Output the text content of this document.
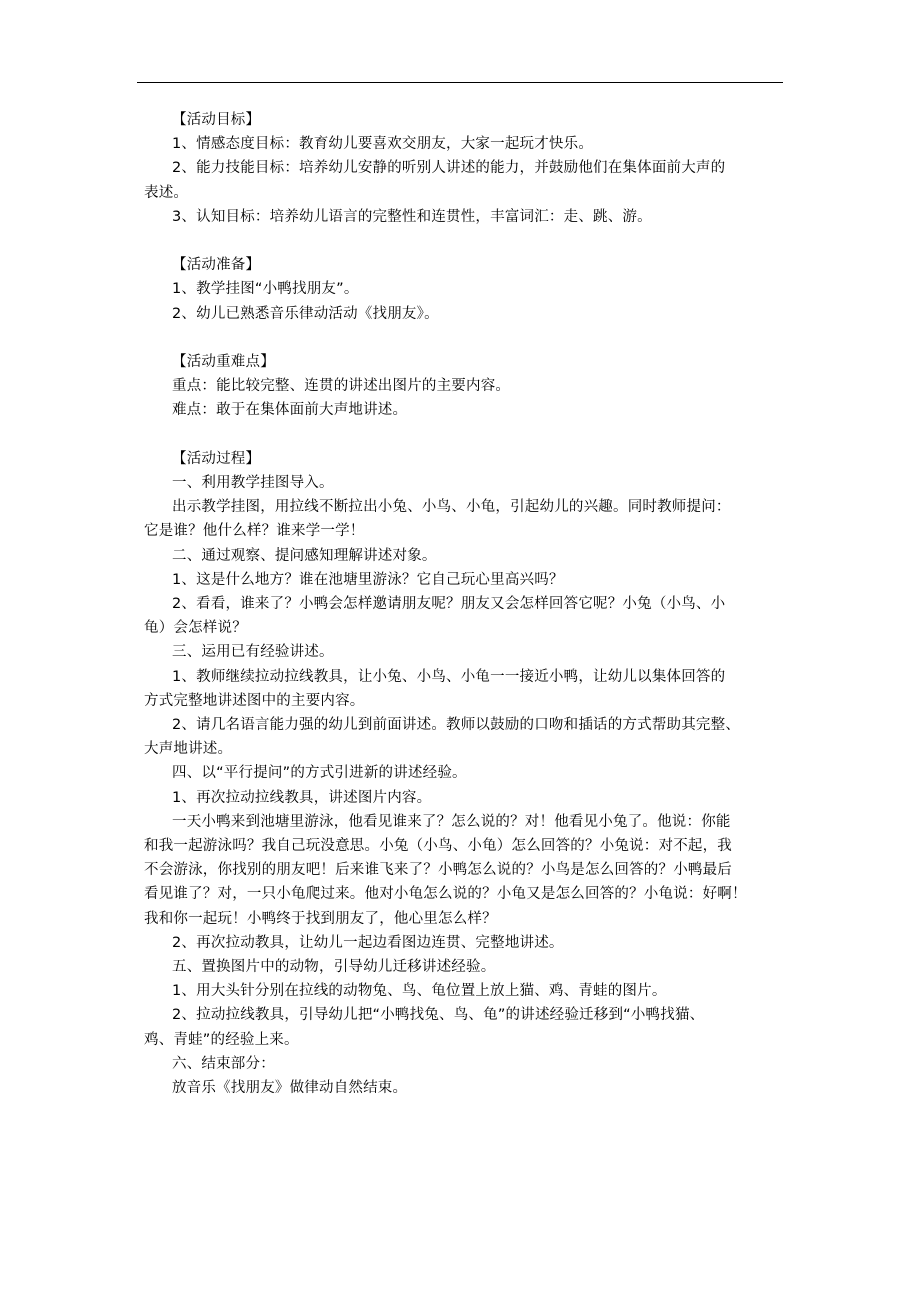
【活动目标】
1、情感态度目标：教育幼儿要喜欢交朋友，大家一起玩才快乐。
2、能力技能目标：培养幼儿安静的听别人讲述的能力，并鼓励他们在集体面前大声的
表述。
3、认知目标：培养幼儿语言的完整性和连贯性，丰富词汇：走、跳、游。
【活动准备】
1、教学挂图“小鸭找朋友”。
2、幼儿已熟悉音乐律动活动《找朋友》。
【活动重难点】
重点：能比较完整、连贯的讲述出图片的主要内容。
难点：敢于在集体面前大声地讲述。
【活动过程】
一、利用教学挂图导入。
出示教学挂图，用拉线不断拉出小兔、小鸟、小龟，引起幼儿的兴趣。同时教师提问：
它是谁？他什么样？谁来学一学！
二、通过观察、提问感知理解讲述对象。
1、这是什么地方？谁在池塘里游泳？它自己玩心里高兴吗？
2、看看，谁来了？小鸭会怎样邀请朋友呢？朋友又会怎样回答它呢？小兔（小鸟、小
龟）会怎样说？
三、运用已有经验讲述。
1、教师继续拉动拉线教具，让小兔、小鸟、小龟一一接近小鸭，让幼儿以集体回答的
方式完整地讲述图中的主要内容。
2、请几名语言能力强的幼儿到前面讲述。教师以鼓励的口吻和插话的方式帮助其完整、
大声地讲述。
四、以“平行提问”的方式引进新的讲述经验。
1、再次拉动拉线教具，讲述图片内容。
一天小鸭来到池塘里游泳，他看见谁来了？怎么说的？对！他看见小兔了。他说：你能
和我一起游泳吗？我自己玩没意思。小兔（小鸟、小龟）怎么回答的？小兔说：对不起，我
不会游泳，你找别的朋友吧！后来谁飞来了？小鸭怎么说的？小鸟是怎么回答的？小鸭最后
看见谁了？对，一只小龟爬过来。他对小龟怎么说的？小龟又是怎么回答的？小龟说：好啊！
我和你一起玩！小鸭终于找到朋友了，他心里怎么样？
2、再次拉动教具，让幼儿一起边看图边连贯、完整地讲述。
五、置换图片中的动物，引导幼儿迁移讲述经验。
1、用大头针分别在拉线的动物兔、鸟、龟位置上放上猫、鸡、青蛙的图片。
2、拉动拉线教具，引导幼儿把“小鸭找兔、鸟、龟”的讲述经验迁移到“小鸭找猫、
鸡、青蛙”的经验上来。
六、结束部分：
放音乐《找朋友》做律动自然结束。
